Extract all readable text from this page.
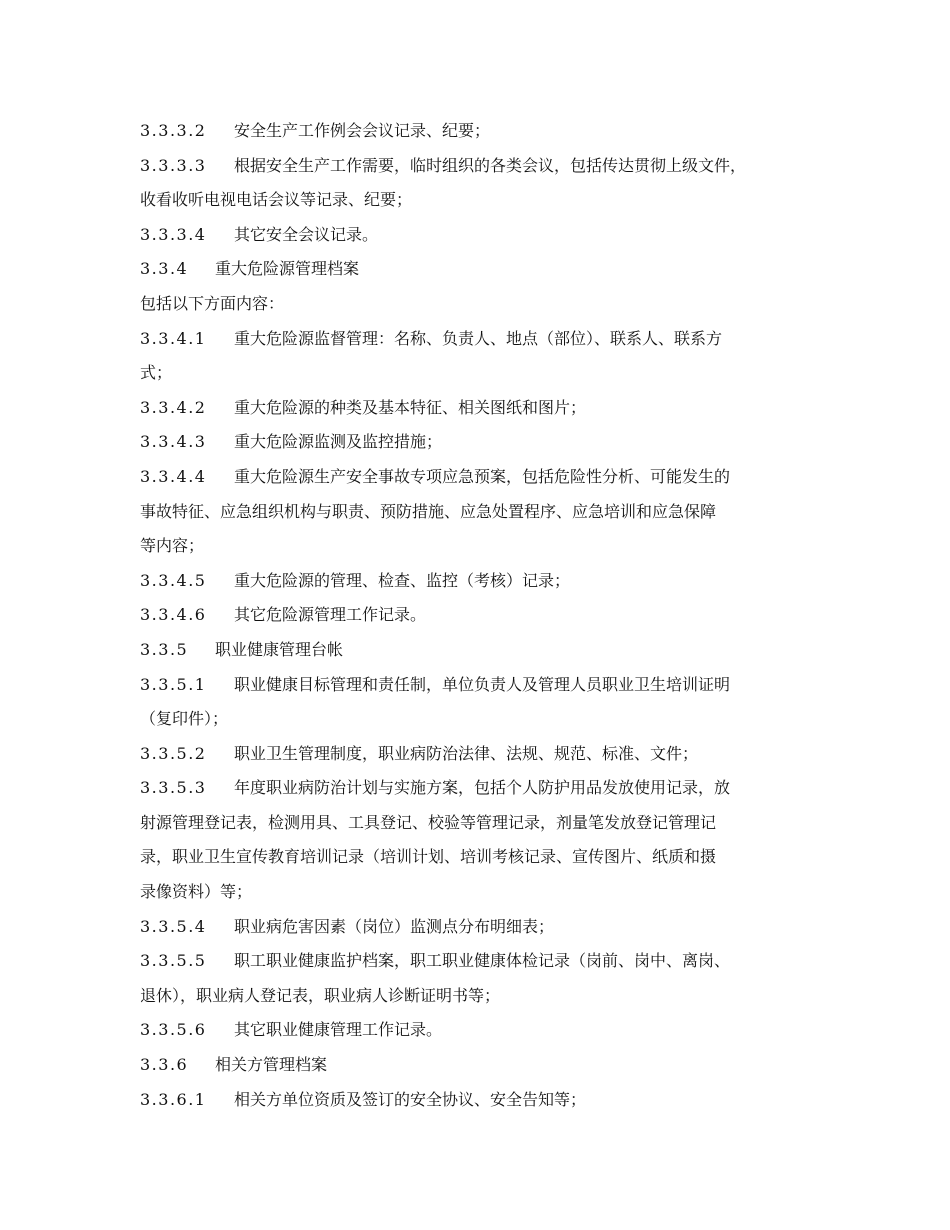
3.3.3.2	安全生产工作例会会议记录、纪要；
3.3.3.3	根据安全生产工作需要，临时组织的各类会议，包括传达贯彻上级文件，
收看收听电视电话会议等记录、纪要；
3.3.3.4	其它安全会议记录。
3.3.4	重大危险源管理档案
包括以下方面内容：
3.3.4.1	重大危险源监督管理：名称、负责人、地点（部位）、联系人、联系方
式；
3.3.4.2	重大危险源的种类及基本特征、相关图纸和图片；
3.3.4.3	重大危险源监测及监控措施；
3.3.4.4	重大危险源生产安全事故专项应急预案，包括危险性分析、可能发生的
事故特征、应急组织机构与职责、预防措施、应急处置程序、应急培训和应急保障
等内容；
3.3.4.5	重大危险源的管理、检查、监控（考核）记录；
3.3.4.6	其它危险源管理工作记录。
3.3.5	职业健康管理台帐
3.3.5.1	职业健康目标管理和责任制，单位负责人及管理人员职业卫生培训证明
（复印件）；
3.3.5.2	职业卫生管理制度，职业病防治法律、法规、规范、标准、文件；
3.3.5.3	年度职业病防治计划与实施方案，包括个人防护用品发放使用记录，放
射源管理登记表，检测用具、工具登记、校验等管理记录，剂量笔发放登记管理记
录，职业卫生宣传教育培训记录（培训计划、培训考核记录、宣传图片、纸质和摄
录像资料）等；
3.3.5.4	职业病危害因素（岗位）监测点分布明细表；
3.3.5.5	职工职业健康监护档案，职工职业健康体检记录（岗前、岗中、离岗、
退休），职业病人登记表，职业病人诊断证明书等；
3.3.5.6	其它职业健康管理工作记录。
3.3.6	相关方管理档案
3.3.6.1	相关方单位资质及签订的安全协议、安全告知等；
